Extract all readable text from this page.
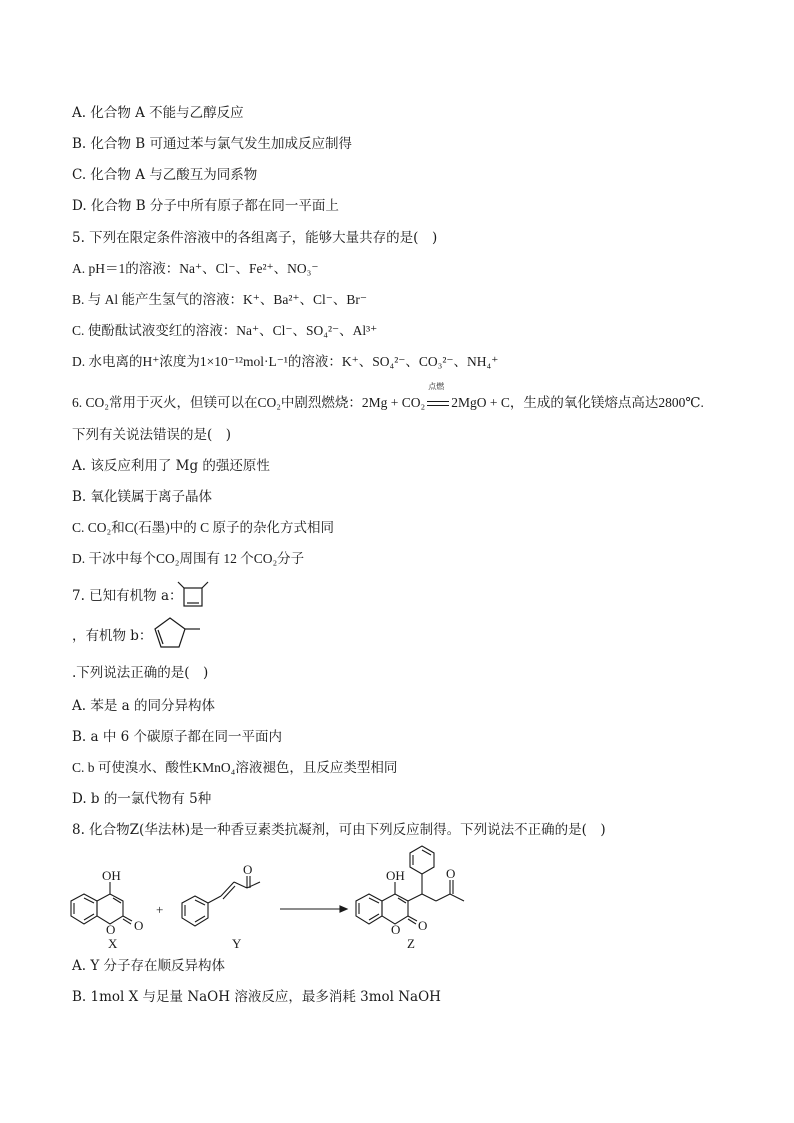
A. 化合物 A 不能与乙醇反应
B. 化合物 B 可通过苯与氯气发生加成反应制得
C. 化合物 A 与乙酸互为同系物
D. 化合物 B 分子中所有原子都在同一平面上
5. 下列在限定条件溶液中的各组离子，能够大量共存的是(　)
A. pH＝1的溶液：Na⁺、Cl⁻、Fe²⁺、NO₃⁻
B. 与 Al 能产生氢气的溶液：K⁺、Ba²⁺、Cl⁻、Br⁻
C. 使酚酞试液变红的溶液：Na⁺、Cl⁻、SO₄²⁻、Al³⁺
D. 水电离的H⁺浓度为1×10⁻¹²mol·L⁻¹的溶液：K⁺、SO₄²⁻、CO₃²⁻、NH₄⁺
6. CO₂常用于灭火，但镁可以在CO₂中剧烈燃烧：2Mg + CO₂
点燃
2MgO + C，生成的氧化镁熔点高达2800℃.
下列有关说法错误的是(　)
A. 该反应利用了 Mg 的强还原性
B. 氧化镁属于离子晶体
C. CO₂和C(石墨)中的 C 原子的杂化方式相同
D. 干冰中每个CO₂周围有 12 个CO₂分子
7. 已知有机物 a：
，有机物 b：
.下列说法正确的是(　)
A. 苯是 a 的同分异构体
B. a 中 6 个碳原子都在同一平面内
C. b 可使溴水、酸性KMnO₄溶液褪色，且反应类型相同
D. b 的一氯代物有 5种
8. 化合物Z(华法林)是一种香豆素类抗凝剂，可由下列反应制得。下列说法不正确的是(　)
OH
O O
+
O	OH
O O
O
X	Y	Z
A. Y 分子存在顺反异构体
B. 1mol X 与足量 NaOH 溶液反应，最多消耗 3mol NaOH
